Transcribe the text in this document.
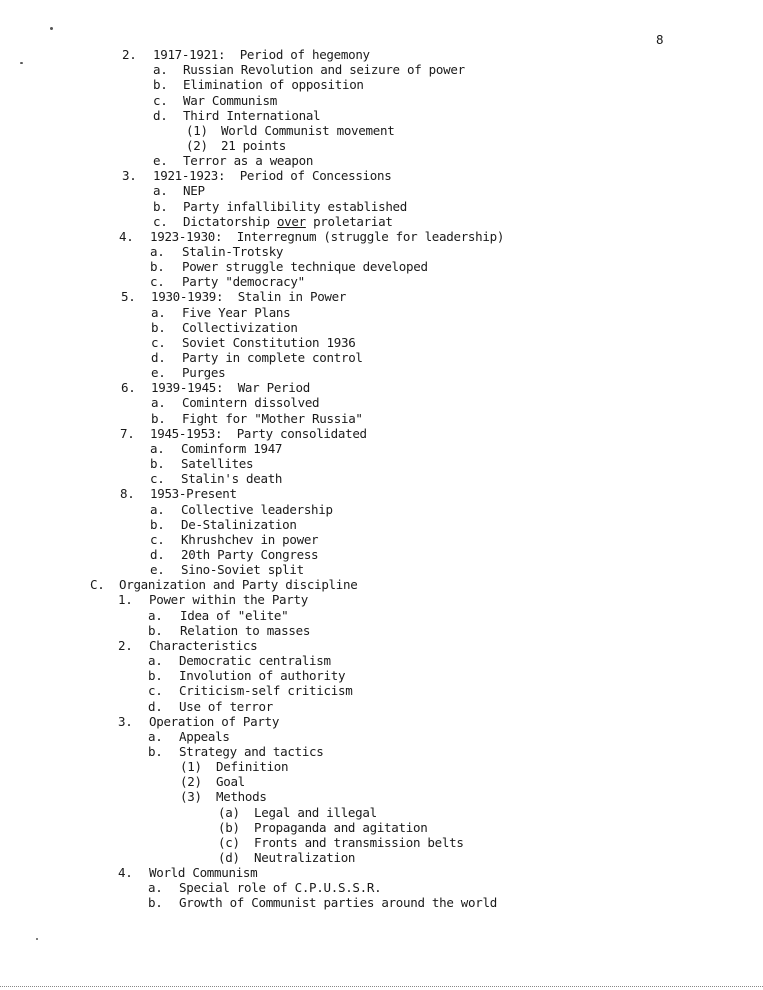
8
2. 1917-1921:  Period of hegemony
a. Russian Revolution and seizure of power
b. Elimination of opposition
c. War Communism
d. Third International
(1) World Communist movement
(2) 21 points
e. Terror as a weapon
3. 1921-1923:  Period of Concessions
a. NEP
b. Party infallibility established
c. Dictatorship over proletariat
4. 1923-1930:  Interregnum (struggle for leadership)
a. Stalin-Trotsky
b. Power struggle technique developed
c. Party "democracy"
5. 1930-1939:  Stalin in Power
a. Five Year Plans
b. Collectivization
c. Soviet Constitution 1936
d. Party in complete control
e. Purges
6. 1939-1945:  War Period
a. Comintern dissolved
b. Fight for "Mother Russia"
7. 1945-1953:  Party consolidated
a. Cominform 1947
b. Satellites
c. Stalin's death
8. 1953-Present
a. Collective leadership
b. De-Stalinization
c. Khrushchev in power
d. 20th Party Congress
e. Sino-Soviet split
C. Organization and Party discipline
1. Power within the Party
a. Idea of "elite"
b. Relation to masses
2. Characteristics
a. Democratic centralism
b. Involution of authority
c. Criticism-self criticism
d. Use of terror
3. Operation of Party
a. Appeals
b. Strategy and tactics
(1) Definition
(2) Goal
(3) Methods
(a) Legal and illegal
(b) Propaganda and agitation
(c) Fronts and transmission belts
(d) Neutralization
4. World Communism
a. Special role of C.P.U.S.S.R.
b. Growth of Communist parties around the world
